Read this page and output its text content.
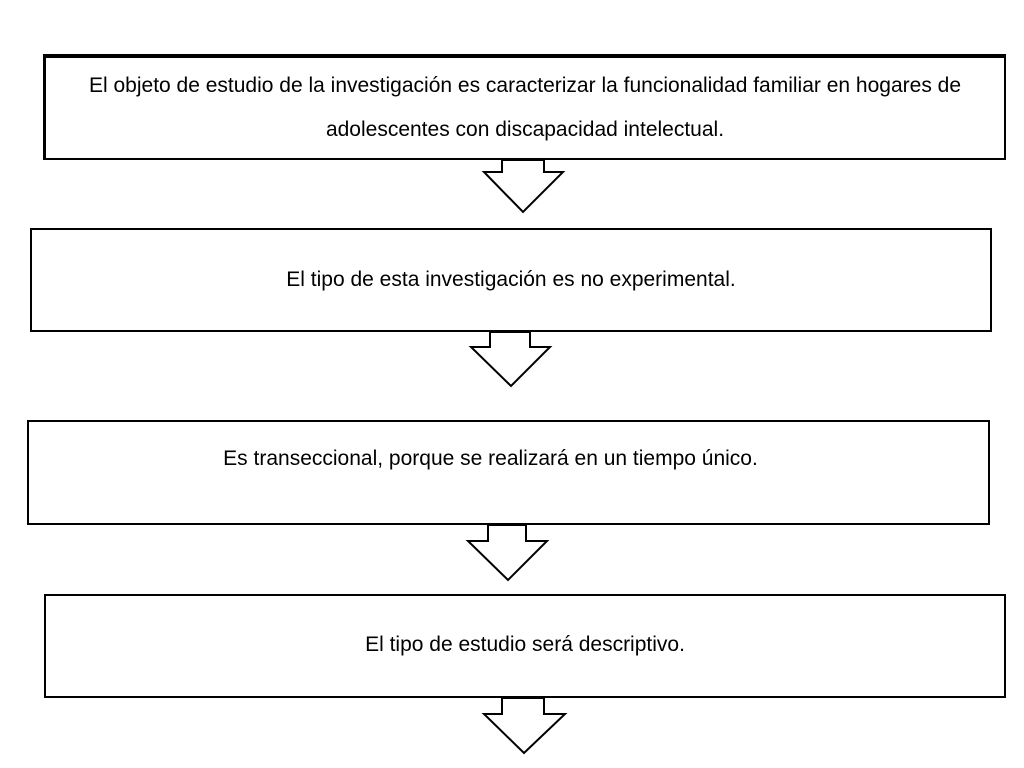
El objeto de estudio de la investigación es caracterizar la funcionalidad familiar en hogares de adolescentes con discapacidad intelectual.
El tipo de esta investigación es no experimental.
Es transeccional, porque se realizará en un tiempo único.
El tipo de estudio será descriptivo.
